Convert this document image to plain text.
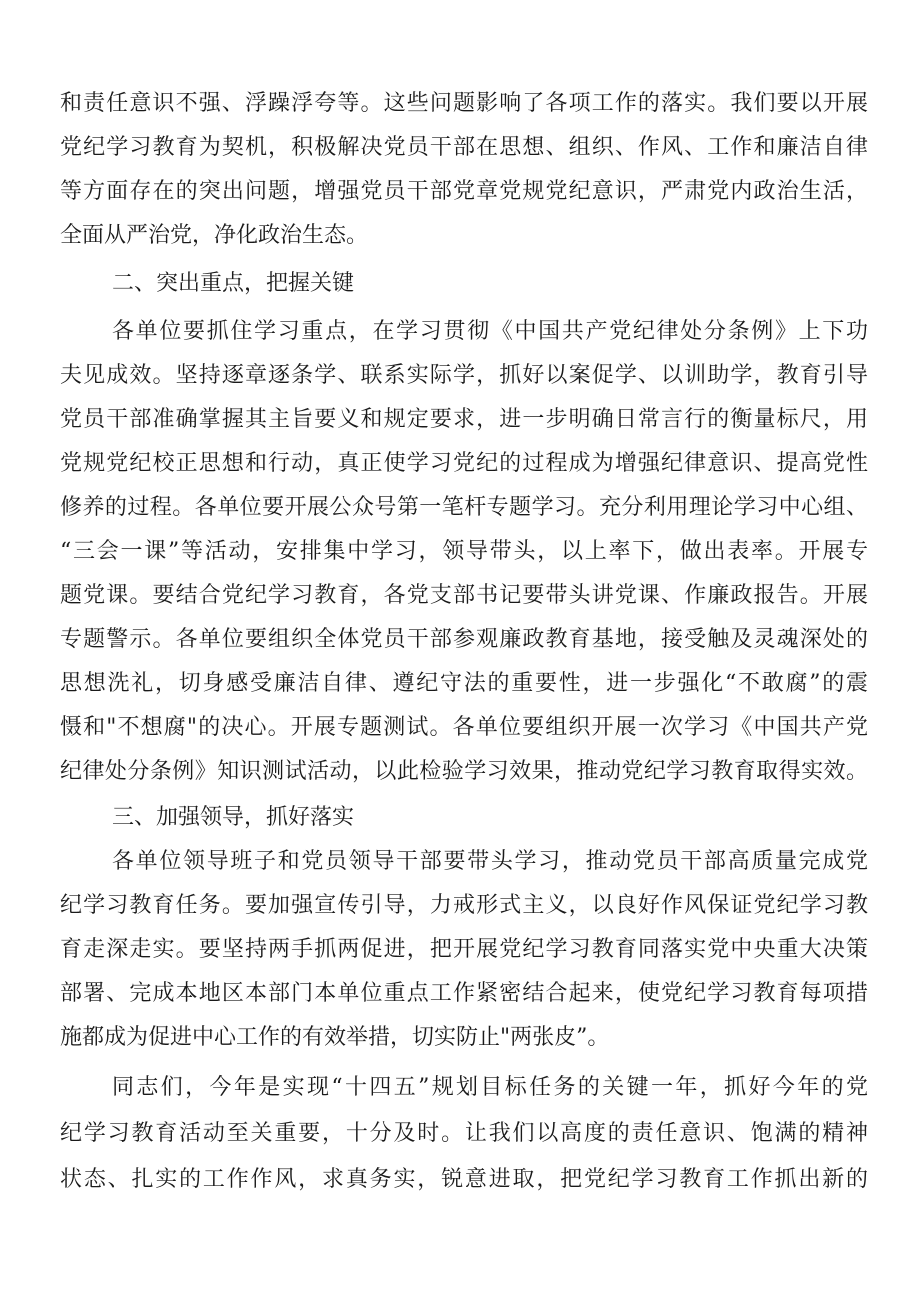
和责任意识不强、浮躁浮夸等。这些问题影响了各项工作的落实。我们要以开展
党纪学习教育为契机，积极解决党员干部在思想、组织、作风、工作和廉洁自律
等方面存在的突出问题，增强党员干部党章党规党纪意识，严肃党内政治生活，
全面从严治党，净化政治生态。
二、突出重点，把握关键
各单位要抓住学习重点，在学习贯彻《中国共产党纪律处分条例》上下功
夫见成效。坚持逐章逐条学、联系实际学，抓好以案促学、以训助学，教育引导
党员干部准确掌握其主旨要义和规定要求，进一步明确日常言行的衡量标尺，用
党规党纪校正思想和行动，真正使学习党纪的过程成为增强纪律意识、提高党性
修养的过程。各单位要开展公众号第一笔杆专题学习。充分利用理论学习中心组、
“三会一课”等活动，安排集中学习，领导带头，以上率下，做出表率。开展专
题党课。要结合党纪学习教育，各党支部书记要带头讲党课、作廉政报告。开展
专题警示。各单位要组织全体党员干部参观廉政教育基地，接受触及灵魂深处的
思想洗礼，切身感受廉洁自律、遵纪守法的重要性，进一步强化“不敢腐”的震
慑和"不想腐"的决心。开展专题测试。各单位要组织开展一次学习《中国共产党
纪律处分条例》知识测试活动，以此检验学习效果，推动党纪学习教育取得实效。
三、加强领导，抓好落实
各单位领导班子和党员领导干部要带头学习，推动党员干部高质量完成党
纪学习教育任务。要加强宣传引导，力戒形式主义，以良好作风保证党纪学习教
育走深走实。要坚持两手抓两促进，把开展党纪学习教育同落实党中央重大决策
部署、完成本地区本部门本单位重点工作紧密结合起来，使党纪学习教育每项措
施都成为促进中心工作的有效举措，切实防止"两张皮”。
同志们，今年是实现“十四五”规划目标任务的关键一年，抓好今年的党
纪学习教育活动至关重要，十分及时。让我们以高度的责任意识、饱满的精神
状态、扎实的工作作风，求真务实，锐意进取，把党纪学习教育工作抓出新的
